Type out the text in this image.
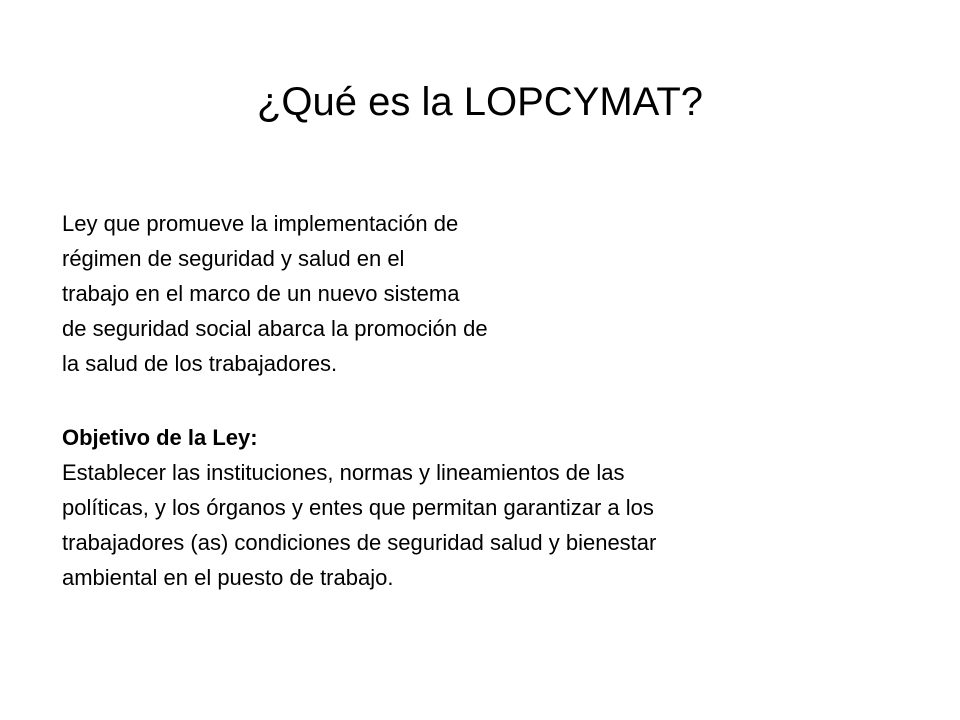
¿Qué es la LOPCYMAT?
Ley que promueve la implementación de
régimen de seguridad y salud en el
trabajo en el marco de un nuevo sistema
de seguridad social abarca la promoción de
la salud de los trabajadores.
Objetivo de la Ley:
Establecer las instituciones, normas y lineamientos de las
políticas, y los órganos y entes que permitan garantizar a los
trabajadores (as) condiciones de seguridad salud y bienestar
ambiental en el puesto de trabajo.
